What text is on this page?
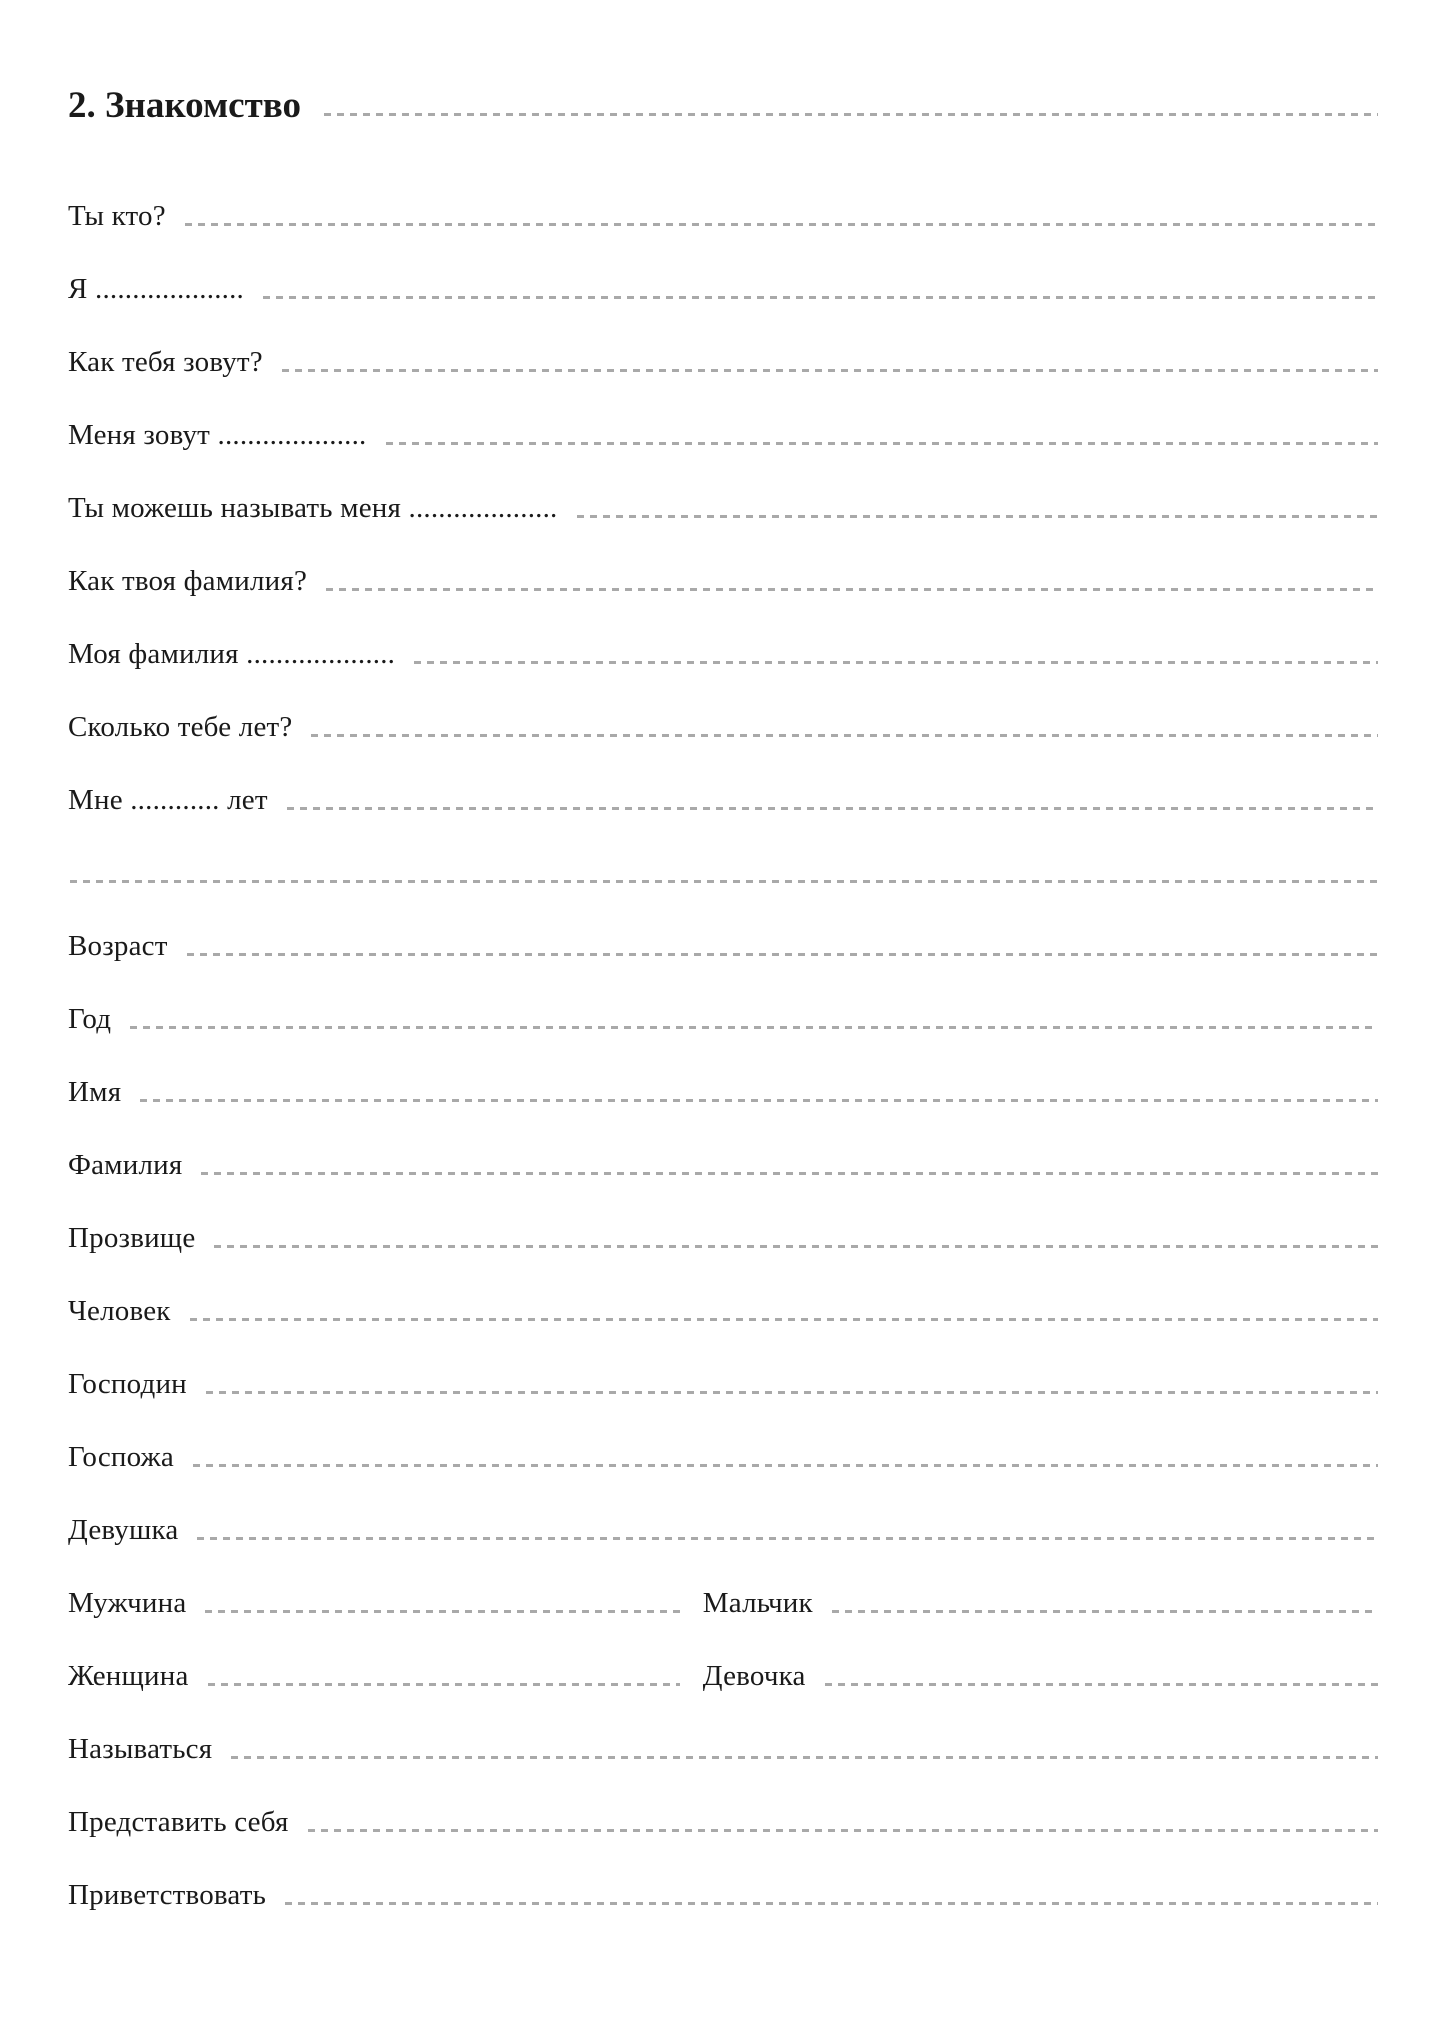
2. Знакомство
Ты кто?
Я ....................
Как тебя зовут?
Меня зовут ....................
Ты можешь называть меня ....................
Как твоя фамилия?
Моя фамилия ....................
Сколько тебе лет?
Мне ............ лет
Возраст
Год
Имя
Фамилия
Прозвище
Человек
Господин
Госпожа
Девушка
Мужчина	Мальчик
Женщина	Девочка
Называться
Представить себя
Приветствовать
